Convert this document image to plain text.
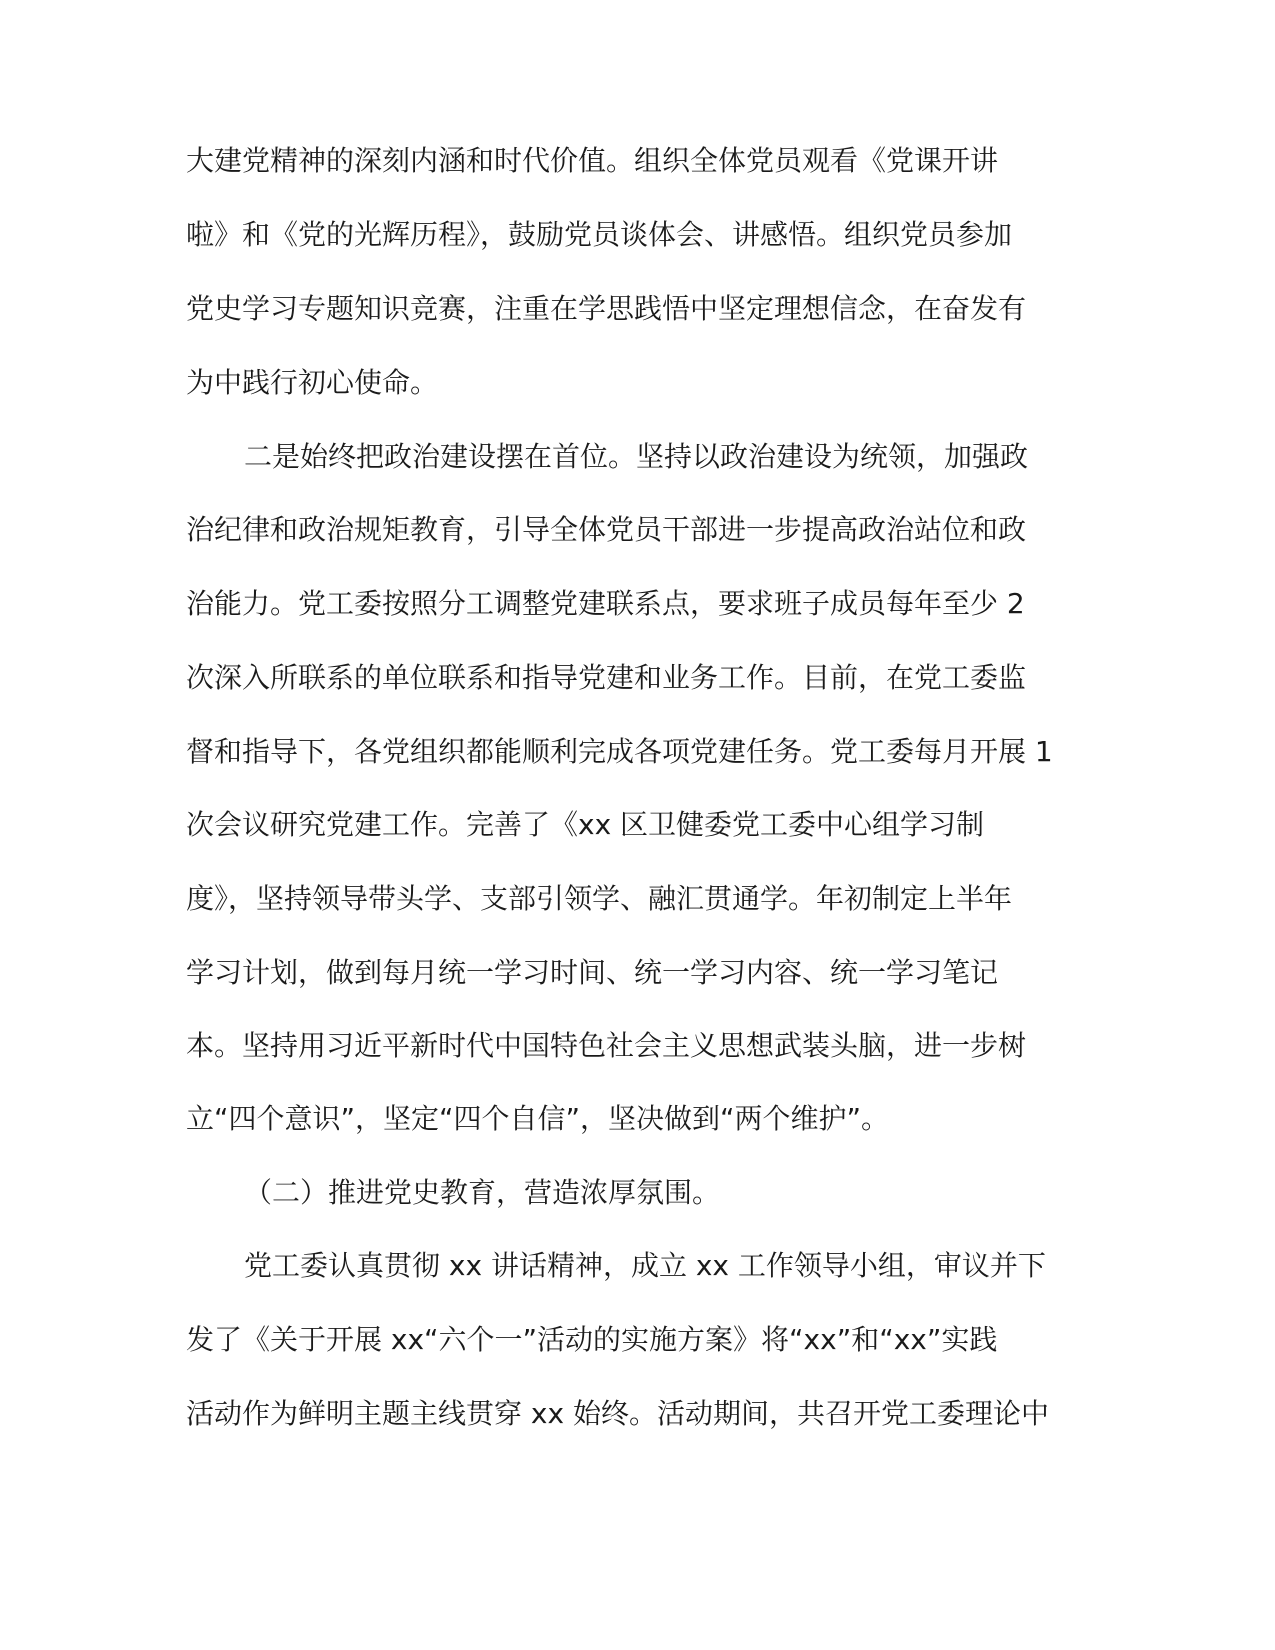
大建党精神的深刻内涵和时代价值。组织全体党员观看《党课开讲
啦》和《党的光辉历程》，鼓励党员谈体会、讲感悟。组织党员参加
党史学习专题知识竞赛，注重在学思践悟中坚定理想信念，在奋发有
为中践行初心使命。
二是始终把政治建设摆在首位。坚持以政治建设为统领，加强政
治纪律和政治规矩教育，引导全体党员干部进一步提高政治站位和政
治能力。党工委按照分工调整党建联系点，要求班子成员每年至少 2
次深入所联系的单位联系和指导党建和业务工作。目前，在党工委监
督和指导下，各党组织都能顺利完成各项党建任务。党工委每月开展 1
次会议研究党建工作。完善了《xx 区卫健委党工委中心组学习制
度》，坚持领导带头学、支部引领学、融汇贯通学。年初制定上半年
学习计划，做到每月统一学习时间、统一学习内容、统一学习笔记
本。坚持用习近平新时代中国特色社会主义思想武装头脑，进一步树
立“四个意识”，坚定“四个自信”，坚决做到“两个维护”。
（二）推进党史教育，营造浓厚氛围。
党工委认真贯彻 xx 讲话精神，成立 xx 工作领导小组，审议并下
发了《关于开展 xx“六个一”活动的实施方案》将“xx”和“xx”实践
活动作为鲜明主题主线贯穿 xx 始终。活动期间，共召开党工委理论中
